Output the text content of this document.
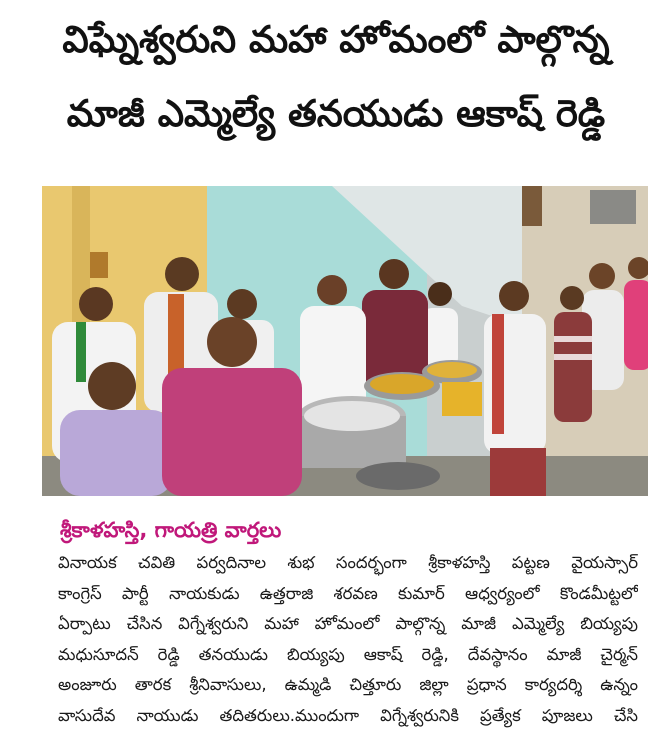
విఘ్నేశ్వరుని మహా హోమంలో పాల్గొన్న
మాజీ ఎమ్మెల్యే తనయుడు ఆకాష్ రెడ్డి
శ్రీకాళహస్తి, గాయత్రి వార్తలు
వినాయక చవితి పర్వదినాల శుభ సందర్భంగా శ్రీకాళహస్తి పట్టణ వైయస్సార్
కాంగ్రెస్ పార్టీ నాయకుడు ఉత్తరాజి శరవణ కుమార్ ఆధ్వర్యంలో కొండమీట్టలో
ఏర్పాటు చేసిన విగ్నేశ్వరుని మహా హోమంలో పాల్గొన్న మాజీ ఎమ్మెల్యే బియ్యపు
మధుసూదన్ రెడ్డి తనయుడు బియ్యపు ఆకాష్ రెడ్డి, దేవస్థానం మాజీ చైర్మన్
అంజూరు తారక శ్రీనివాసులు, ఉమ్మడి చిత్తూరు జిల్లా ప్రధాన కార్యదర్శి ఉన్నం
వాసుదేవ నాయుడు తదితరులు.ముందుగా విగ్నేశ్వరునికి ప్రత్యేక పూజలు చేసి
